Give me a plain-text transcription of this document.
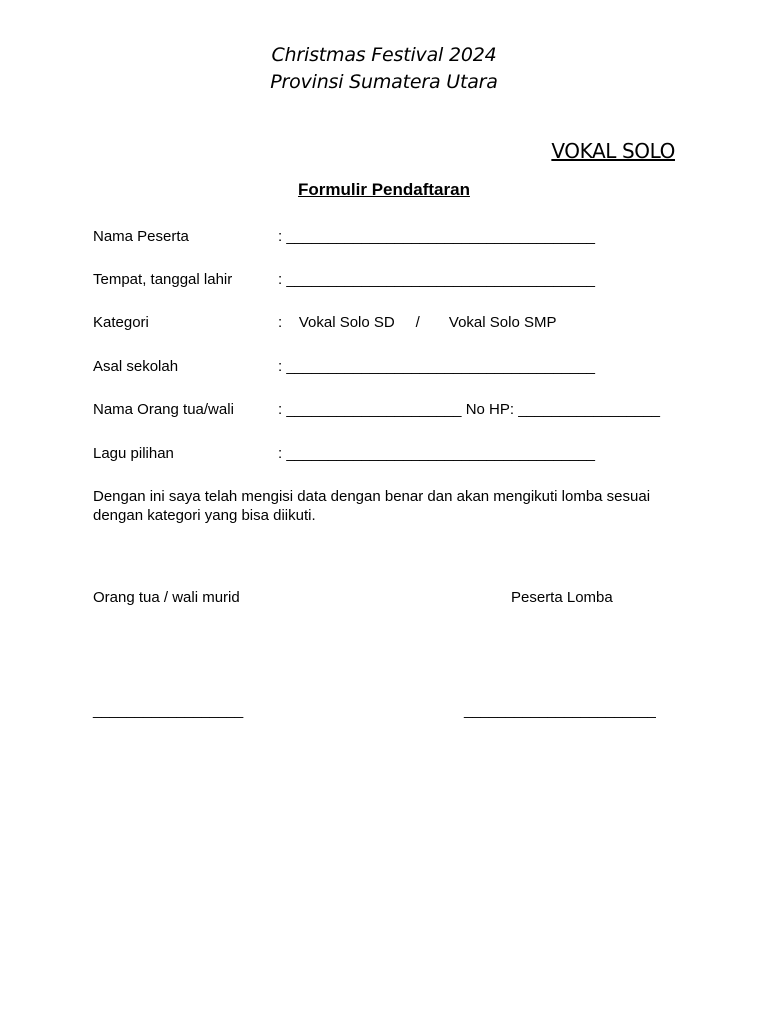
Christmas Festival 2024
Provinsi Sumatera Utara
VOKAL SOLO
Formulir Pendaftaran
Nama Peserta	: _____________________________________
Tempat, tanggal lahir	: _____________________________________
Kategori	:    Vokal Solo SD     /       Vokal Solo SMP
Asal sekolah	: _____________________________________
Nama Orang tua/wali	: _____________________ No HP: _________________
Lagu pilihan	: _____________________________________
Dengan ini saya telah mengisi data dengan benar dan akan mengikuti lomba sesuai dengan kategori yang bisa diikuti.
Orang tua / wali murid	Peserta Lomba
__________________	_______________________
